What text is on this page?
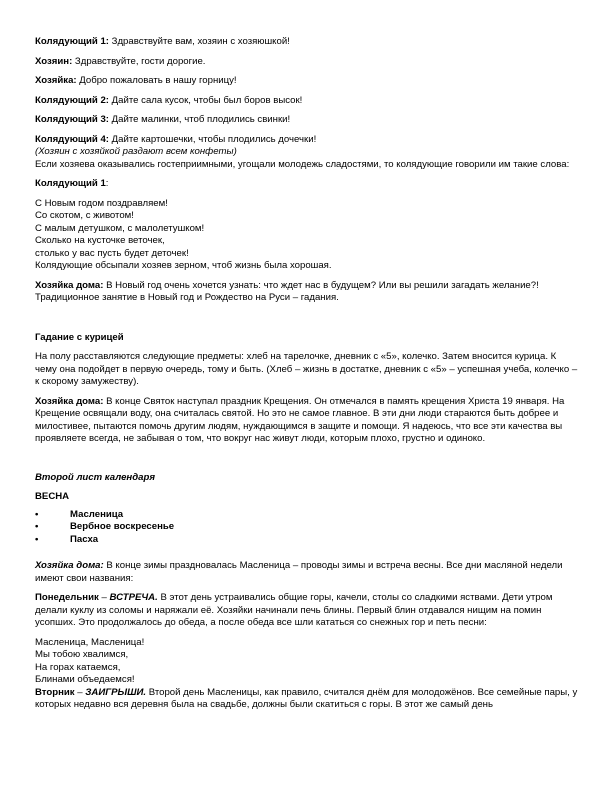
Колядующий 1: Здравствуйте вам, хозяин с хозяюшкой!

Хозяин: Здравствуйте, гости дорогие.

Хозяйка: Добро пожаловать в нашу горницу!

Колядующий 2: Дайте сала кусок, чтобы был боров высок!

Колядующий 3: Дайте малинки, чтоб плодились свинки!

Колядующий 4: Дайте картошечки, чтобы плодились дочечки!

(Хозяин с хозяйкой раздают всем конфеты)

Если хозяева оказывались гостеприимными, угощали молодежь сладостями, то колядующие говорили им такие слова:

Колядующий 1:

С Новым годом поздравляем!

Со скотом, с животом!

С малым детушком, с малолетушком!

Сколько на кусточке веточек,

столько у вас пусть будет деточек!

Колядующие обсыпали хозяев зерном, чтоб жизнь была хорошая.

Хозяйка дома: В Новый год очень хочется узнать: что ждет нас в будущем? Или вы решили загадать желание?! Традиционное занятие в Новый год и Рождество на Руси – гадания.

Гадание с курицей

На полу расставляются следующие предметы: хлеб на тарелочке, дневник с «5», колечко. Затем вносится курица. К чему она подойдет в первую очередь, тому и быть. (Хлеб – жизнь в достатке, дневник с «5» – успешная учеба, колечко – к скорому замужеству).

Хозяйка дома: В конце Святок наступал праздник Крещения. Он отмечался в память крещения Христа 19 января. На Крещение освящали воду, она считалась святой. Но это не самое главное. В эти дни люди стараются быть добрее и милостивее, пытаются помочь другим людям, нуждающимся в защите и помощи. Я надеюсь, что все эти качества вы проявляете всегда, не забывая о том, что вокруг нас живут люди, которым плохо, грустно и одиноко.

Второй лист календаря

ВЕСНА

• Масленица
• Вербное воскресенье
• Пасха

Хозяйка дома: В конце зимы праздновалась Масленица – проводы зимы и встреча весны. Все дни масляной недели имеют свои названия:

Понедельник – ВСТРЕЧА. В этот день устраивались общие горы, качели, столы со сладкими яствами. Дети утром делали куклу из соломы и наряжали её. Хозяйки начинали печь блины. Первый блин отдавался нищим на помин усопших. Это продолжалось до обеда, а после обеда все шли кататься со снежных гор и петь песни:

Масленица, Масленица!

Мы тобою хвалимся,

На горах катаемся,

Блинами объедаемся!

Вторник – ЗАИГРЫШИ. Второй день Масленицы, как правило, считался днём для молодожёнов. Все семейные пары, у которых недавно вся деревня была на свадьбе, должны были скатиться с горы. В этот же самый день
